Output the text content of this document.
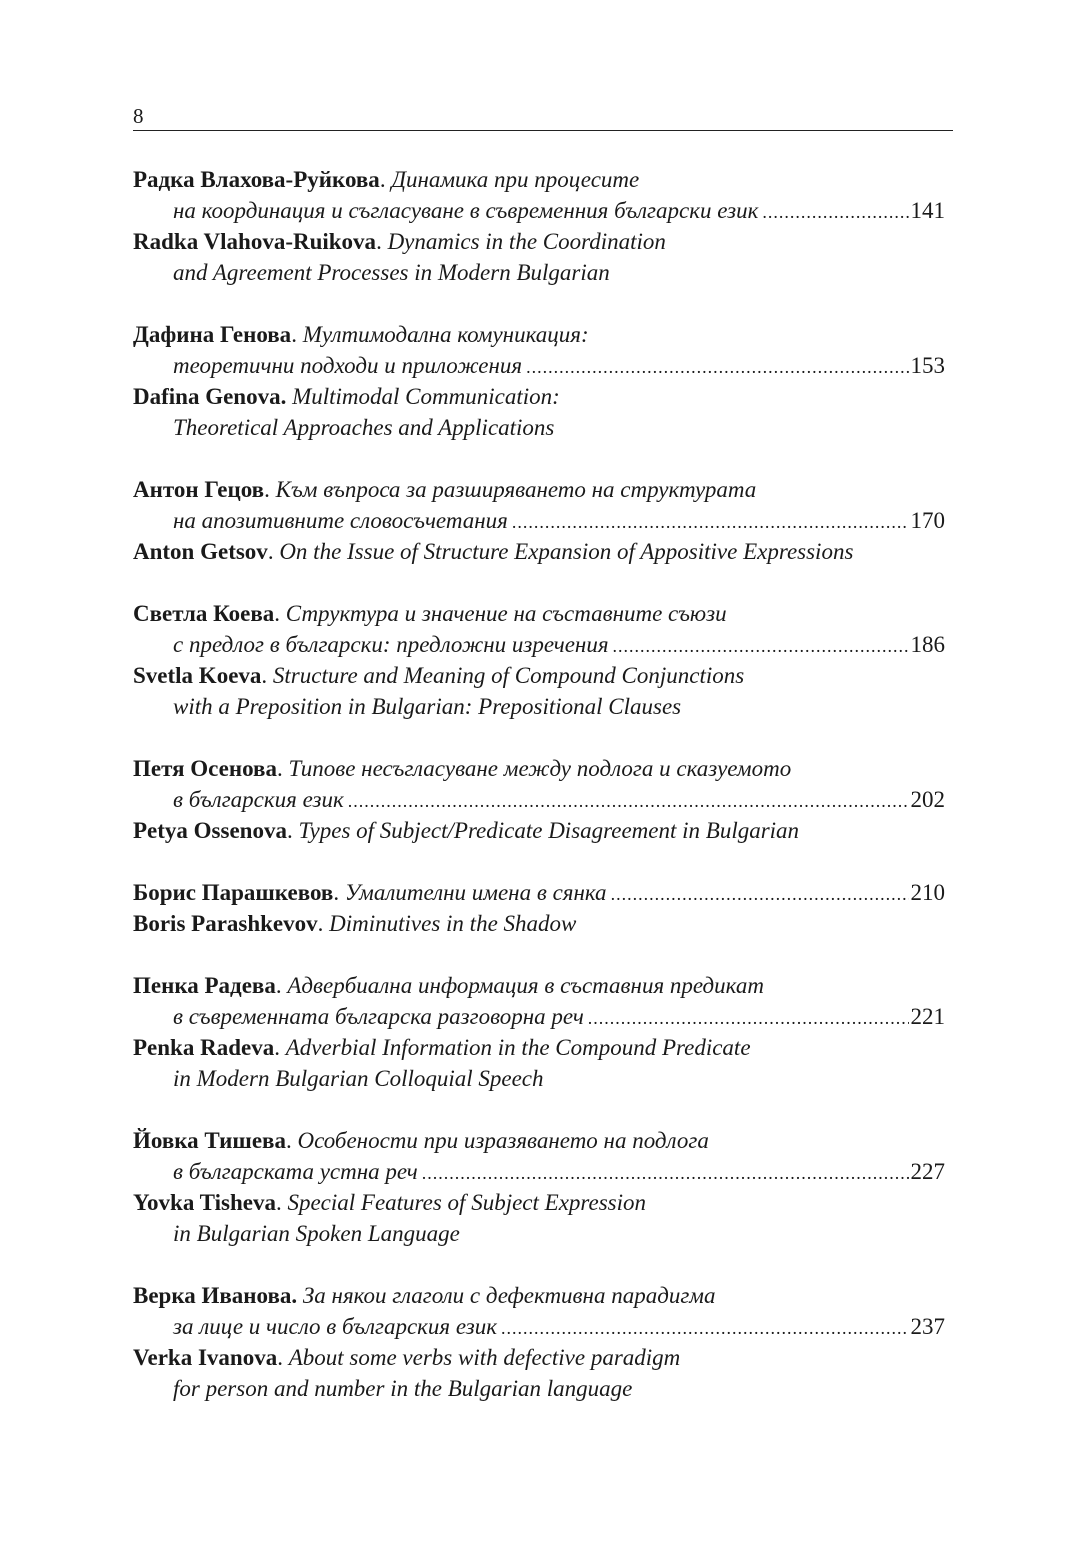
8
Радка Влахова-Руйкова. Динамика при процесите
на координация и съгласуване в съвременния български език .....	141
Radka Vlahova-Ruikova. Dynamics in the Coordination
and Agreement Processes in Modern Bulgarian
Дафина Генова. Мултимодална комуникация:
теоретични подходи и приложения .....	153
Dafina Genova. Multimodal Communication:
Theoretical Approaches and Applications
Антон Гецов. Към въпроса за разширяването на структурата
на апозитивните словосъчетания .....	170
Anton Getsov. On the Issue of Structure Expansion of Appositive Expressions
Светла Коева. Структура и значение на съставните съюзи
с предлог в български: предложни изречения .....	186
Svetla Koeva. Structure and Meaning of Compound Conjunctions
with a Preposition in Bulgarian: Prepositional Clauses
Петя Осенова. Типове несъгласуване между подлога и сказуемото
в българския език .....	202
Petya Ossenova. Types of Subject/Predicate Disagreement in Bulgarian
Борис Парашкевов . Умалителни имена в сянка .....	210
Boris Parashkevov. Diminutives in the Shadow
Пенка Радева. Адвербиална информация в съставния предикат
в съвременната българска разговорна реч .....	221
Penka Radeva. Adverbial Information in the Compound Predicate
in Modern Bulgarian Colloquial Speech
Йовка Тишева. Особености при изразяването на подлога
в българската устна реч .....	227
Yovka Tisheva. Special Features of Subject Expression
in Bulgarian Spoken Language
Верка Иванова. За някои глаголи с дефективна парадигма
за лице и число в българския език .....	237
Verka Ivanova. About some verbs with defective paradigm
for person and number in the Bulgarian language
